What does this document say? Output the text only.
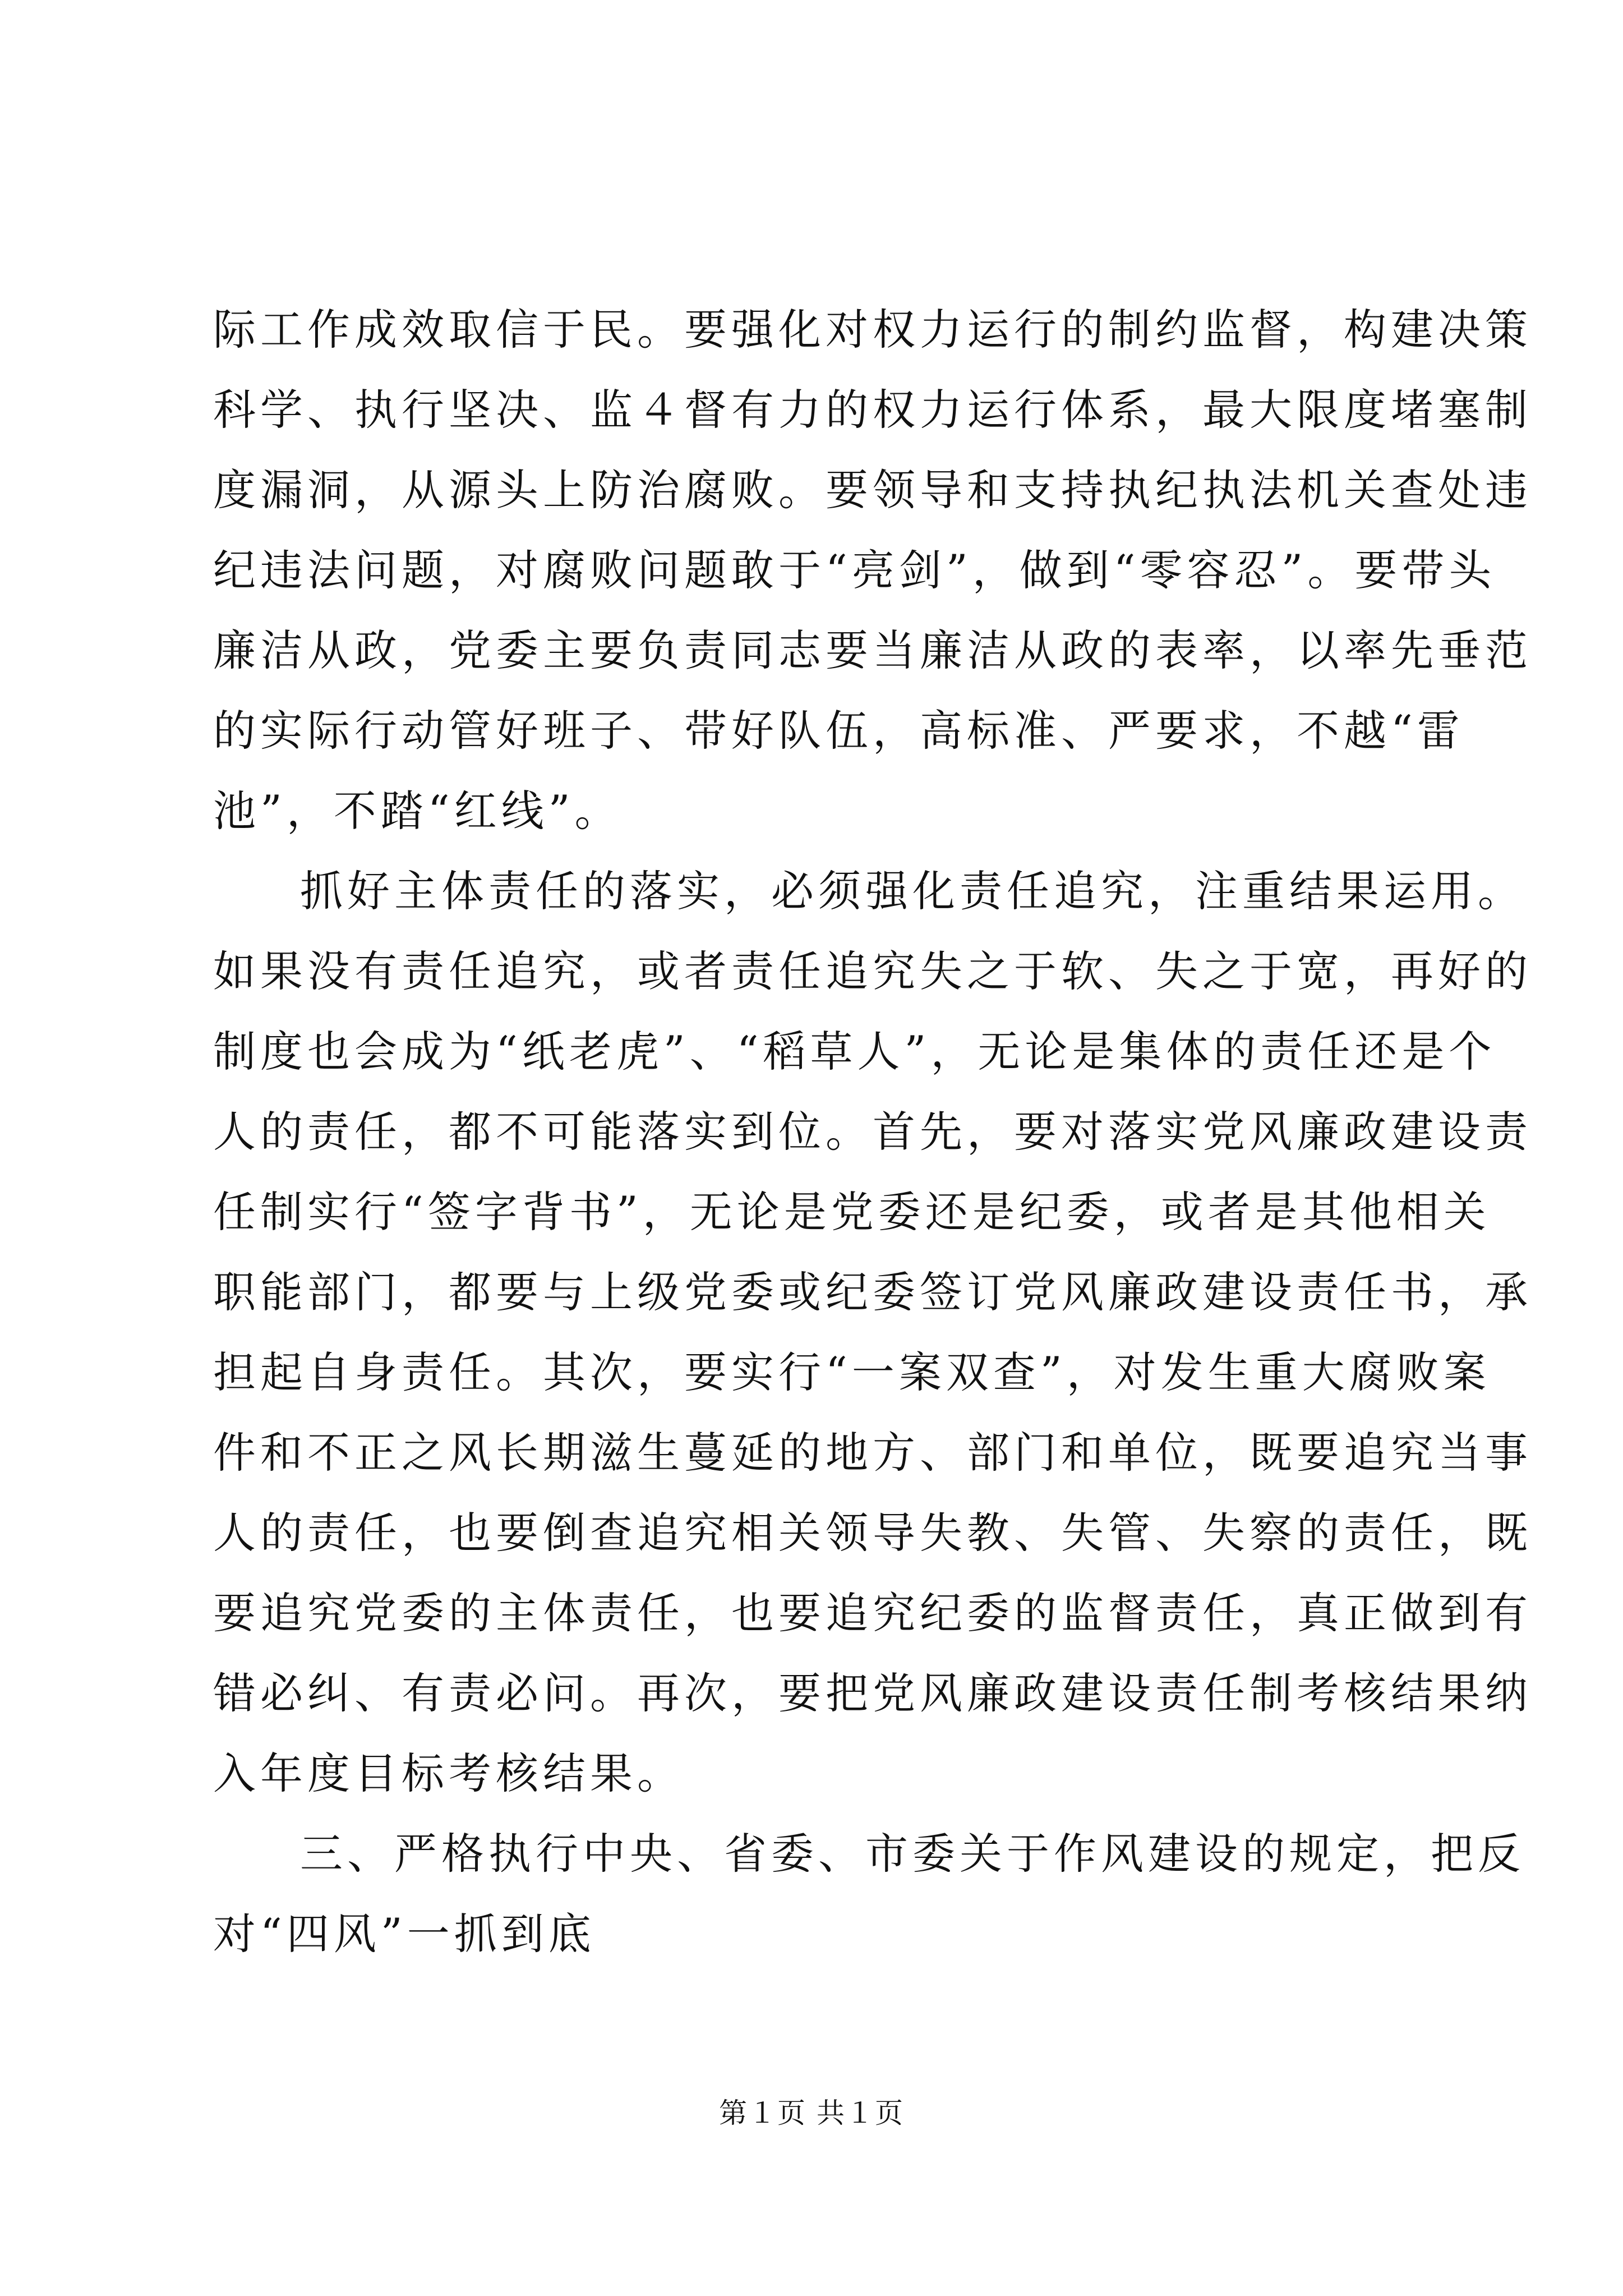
际工作成效取信于民。要强化对权力运行的制约监督，构建决策
科学、执行坚决、监４督有力的权力运行体系，最大限度堵塞制
度漏洞，从源头上防治腐败。要领导和支持执纪执法机关查处违
纪违法问题，对腐败问题敢于“亮剑”，做到“零容忍”。要带头
廉洁从政，党委主要负责同志要当廉洁从政的表率，以率先垂范
的实际行动管好班子、带好队伍，高标准、严要求，不越“雷
池”，不踏“红线”。
抓好主体责任的落实，必须强化责任追究，注重结果运用。
如果没有责任追究，或者责任追究失之于软、失之于宽，再好的
制度也会成为“纸老虎”、“稻草人”，无论是集体的责任还是个
人的责任，都不可能落实到位。首先，要对落实党风廉政建设责
任制实行“签字背书”，无论是党委还是纪委，或者是其他相关
职能部门，都要与上级党委或纪委签订党风廉政建设责任书，承
担起自身责任。其次，要实行“一案双查”，对发生重大腐败案
件和不正之风长期滋生蔓延的地方、部门和单位，既要追究当事
人的责任，也要倒查追究相关领导失教、失管、失察的责任，既
要追究党委的主体责任，也要追究纪委的监督责任，真正做到有
错必纠、有责必问。再次，要把党风廉政建设责任制考核结果纳
入年度目标考核结果。
三、严格执行中央、省委、市委关于作风建设的规定，把反
对“四风”一抓到底
第１页 共１页
